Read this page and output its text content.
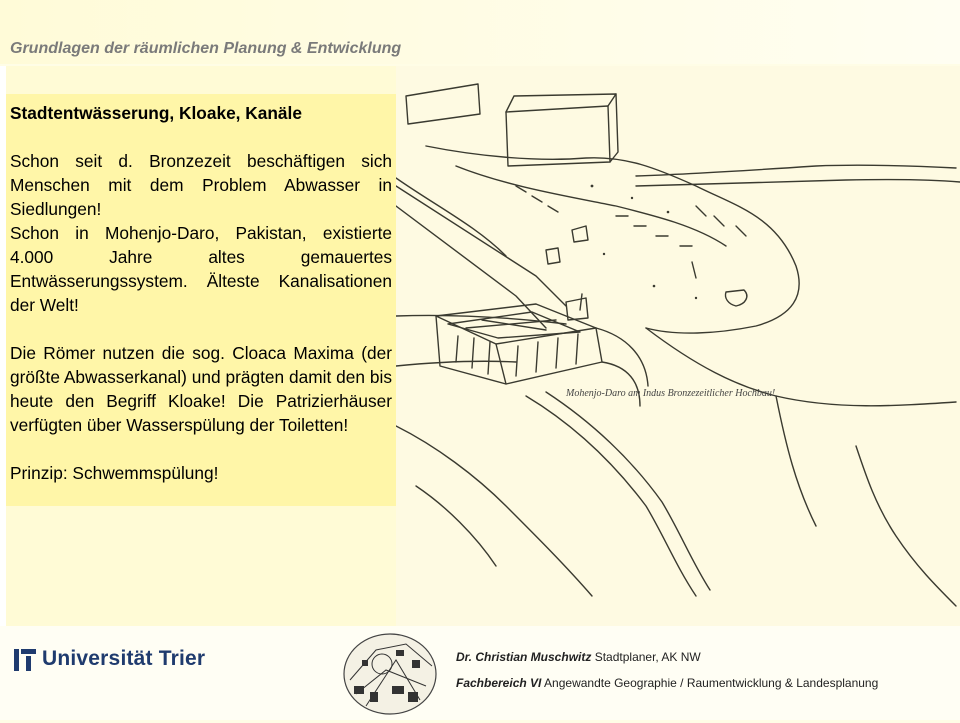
Grundlagen der räumlichen Planung & Entwicklung
Mohenjo-Daro am Indus Bronzezeitlicher Hochbau!

Stadtentwässerung, Kloake, Kanäle

Schon seit d. Bronzezeit beschäftigen sich Menschen mit dem Problem Abwasser in Siedlungen!

Schon in Mohenjo-Daro, Pakistan, existierte 4.000 Jahre altes gemauertes Entwässerungssystem. Älteste Kanalisationen der Welt!

Die Römer nutzen die sog. Cloaca Maxima (der größte Abwasserkanal) und prägten damit den bis heute den Begriff Kloake! Die Patrizierhäuser verfügten über Wasserspülung der Toiletten!

Prinzip: Schwemmspülung!

Universität Trier	Dr. Christian Muschwitz Stadtplaner, AK NW
Fachbereich VI Angewandte Geographie / Raumentwicklung & Landesplanung
